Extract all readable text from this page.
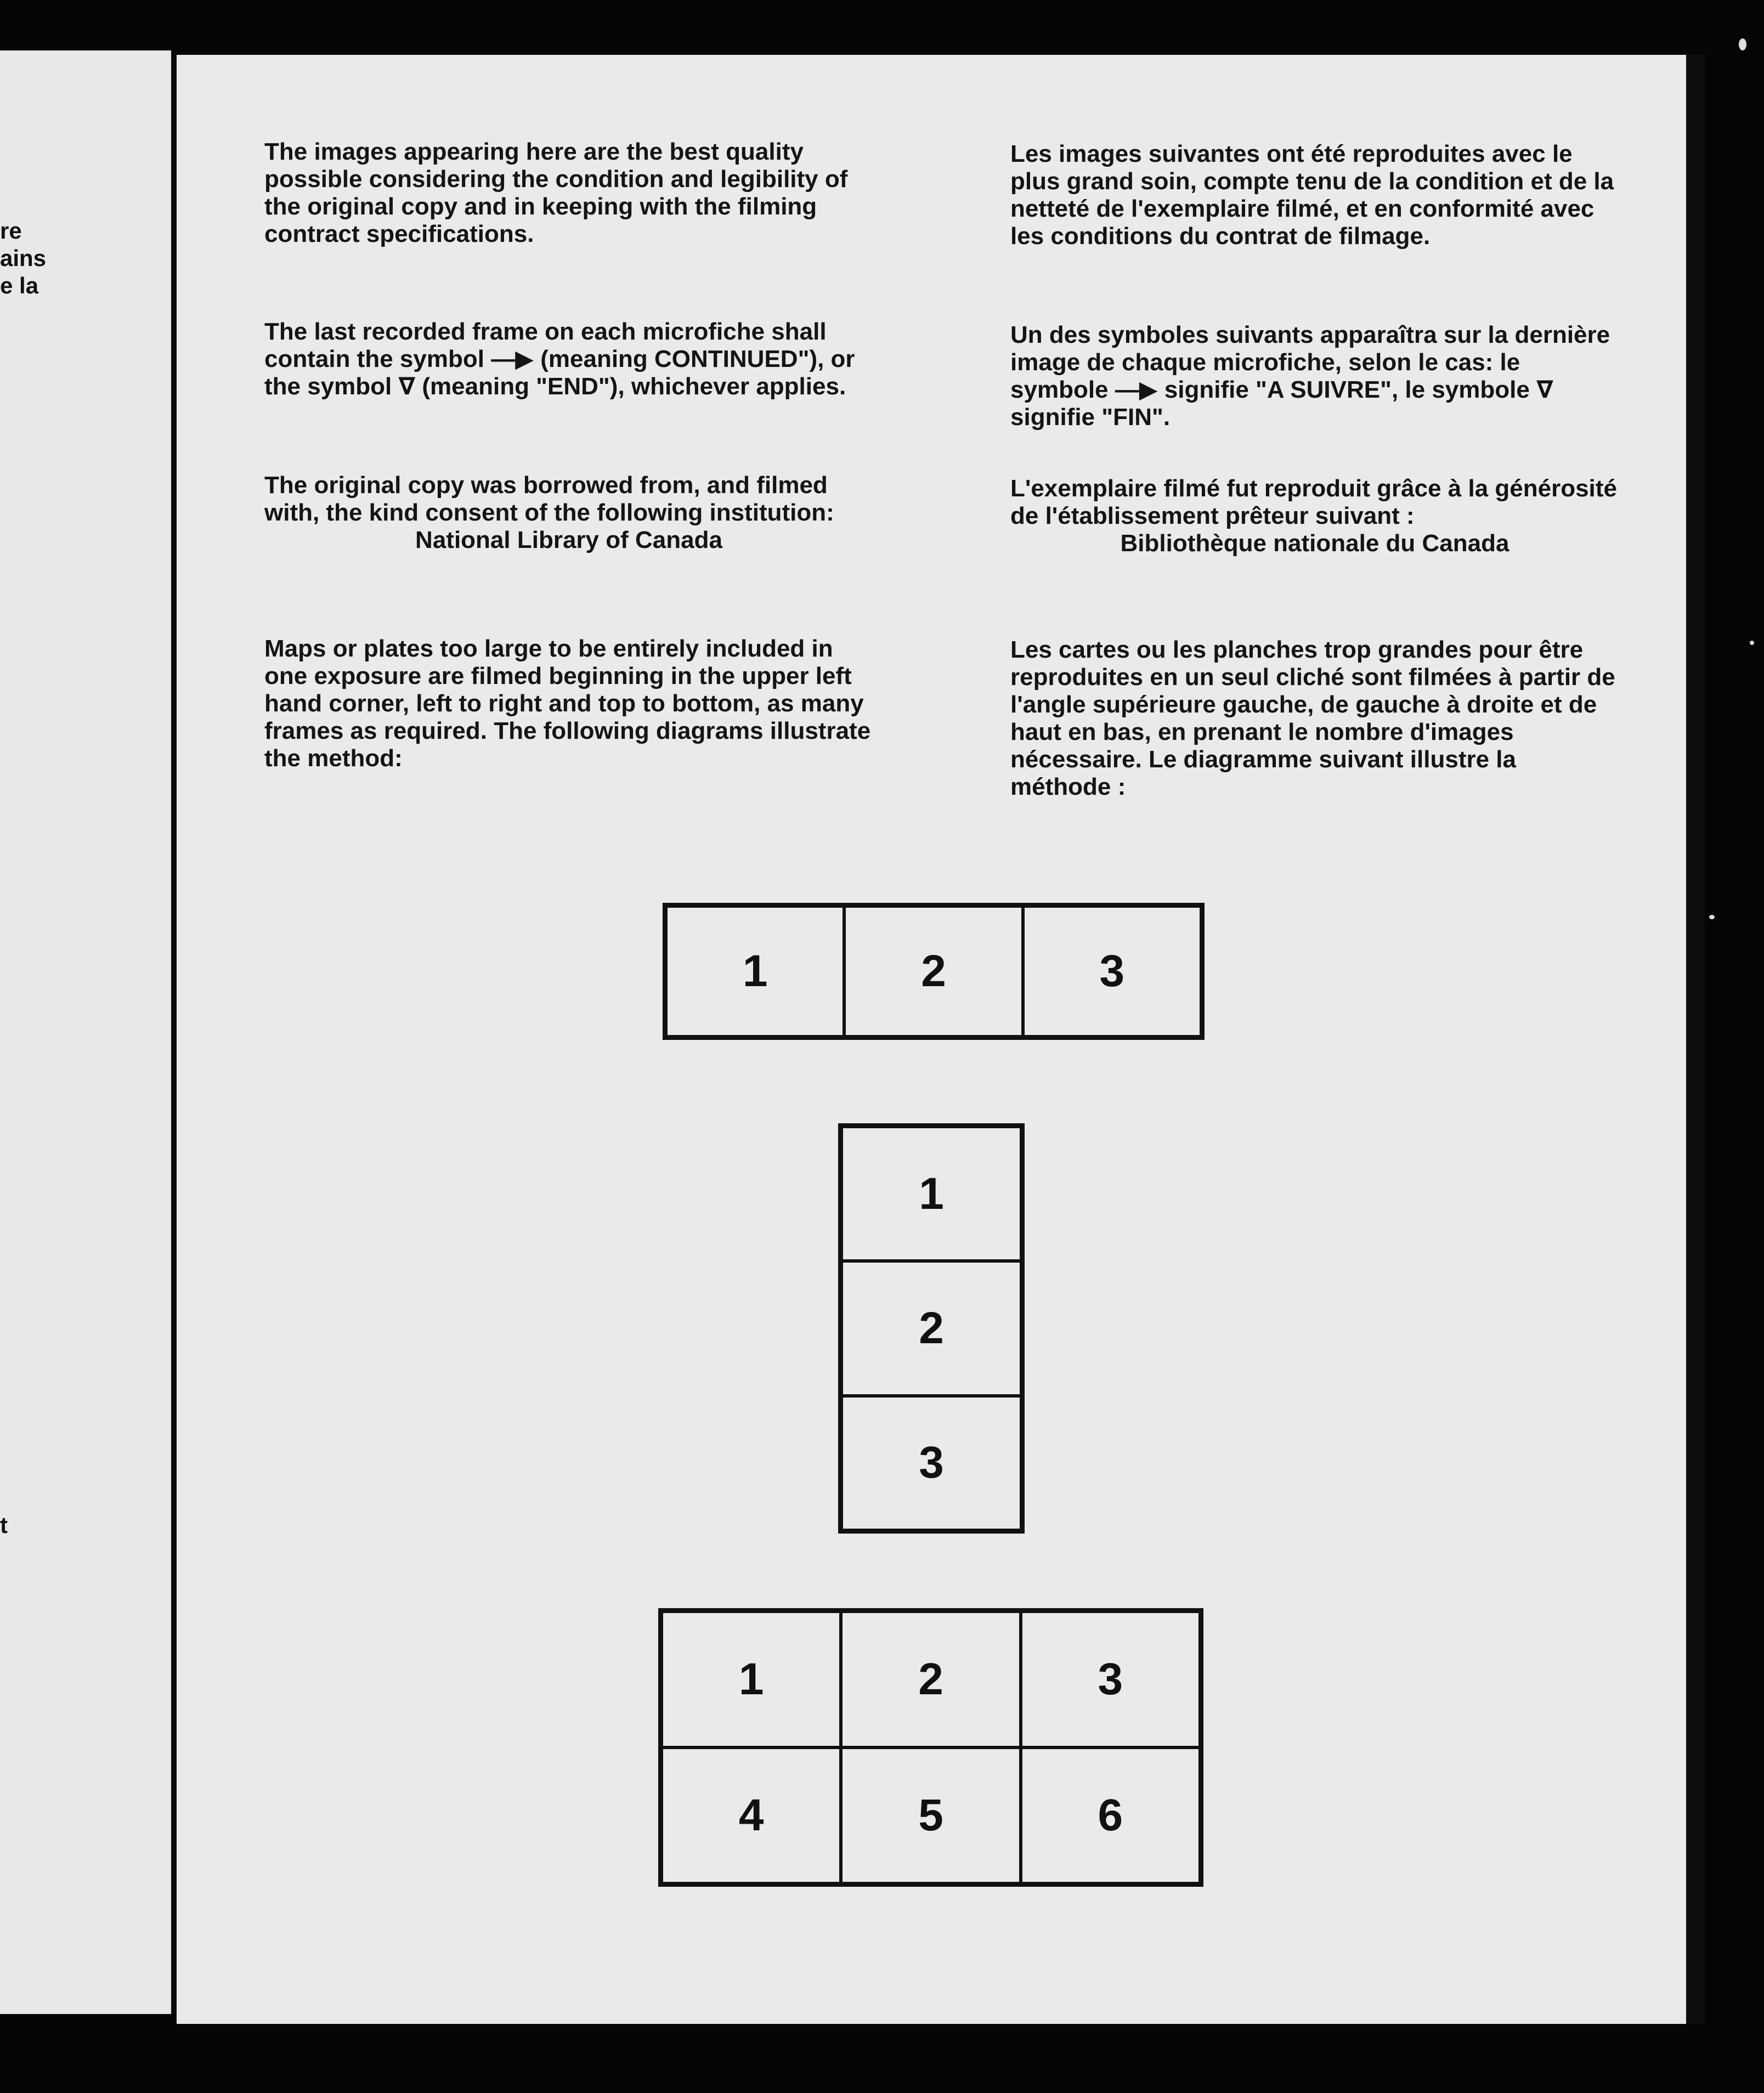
re
ains
e la
t

The images appearing here are the best quality possible considering the condition and legibility of the original copy and in keeping with the filming contract specifications.

The last recorded frame on each microfiche shall contain the symbol —▶ (meaning CONTINUED"), or the symbol ∇ (meaning "END"), whichever applies.

The original copy was borrowed from, and filmed with, the kind consent of the following institution:

National Library of Canada

Maps or plates too large to be entirely included in one exposure are filmed beginning in the upper left hand corner, left to right and top to bottom, as many frames as required. The following diagrams illustrate the method:

Les images suivantes ont été reproduites avec le plus grand soin, compte tenu de la condition et de la netteté de l'exemplaire filmé, et en conformité avec les conditions du contrat de filmage.

Un des symboles suivants apparaîtra sur la dernière image de chaque microfiche, selon le cas: le symbole —▶ signifie "A SUIVRE", le symbole ∇ signifie "FIN".

L'exemplaire filmé fut reproduit grâce à la générosité de l'établissement prêteur suivant :

Bibliothèque nationale du Canada

Les cartes ou les planches trop grandes pour être reproduites en un seul cliché sont filmées à partir de l'angle supérieure gauche, de gauche à droite et de haut en bas, en prenant le nombre d'images nécessaire. Le diagramme suivant illustre la méthode :

1	2	3
1
2
3
1	2	3
4	5	6
